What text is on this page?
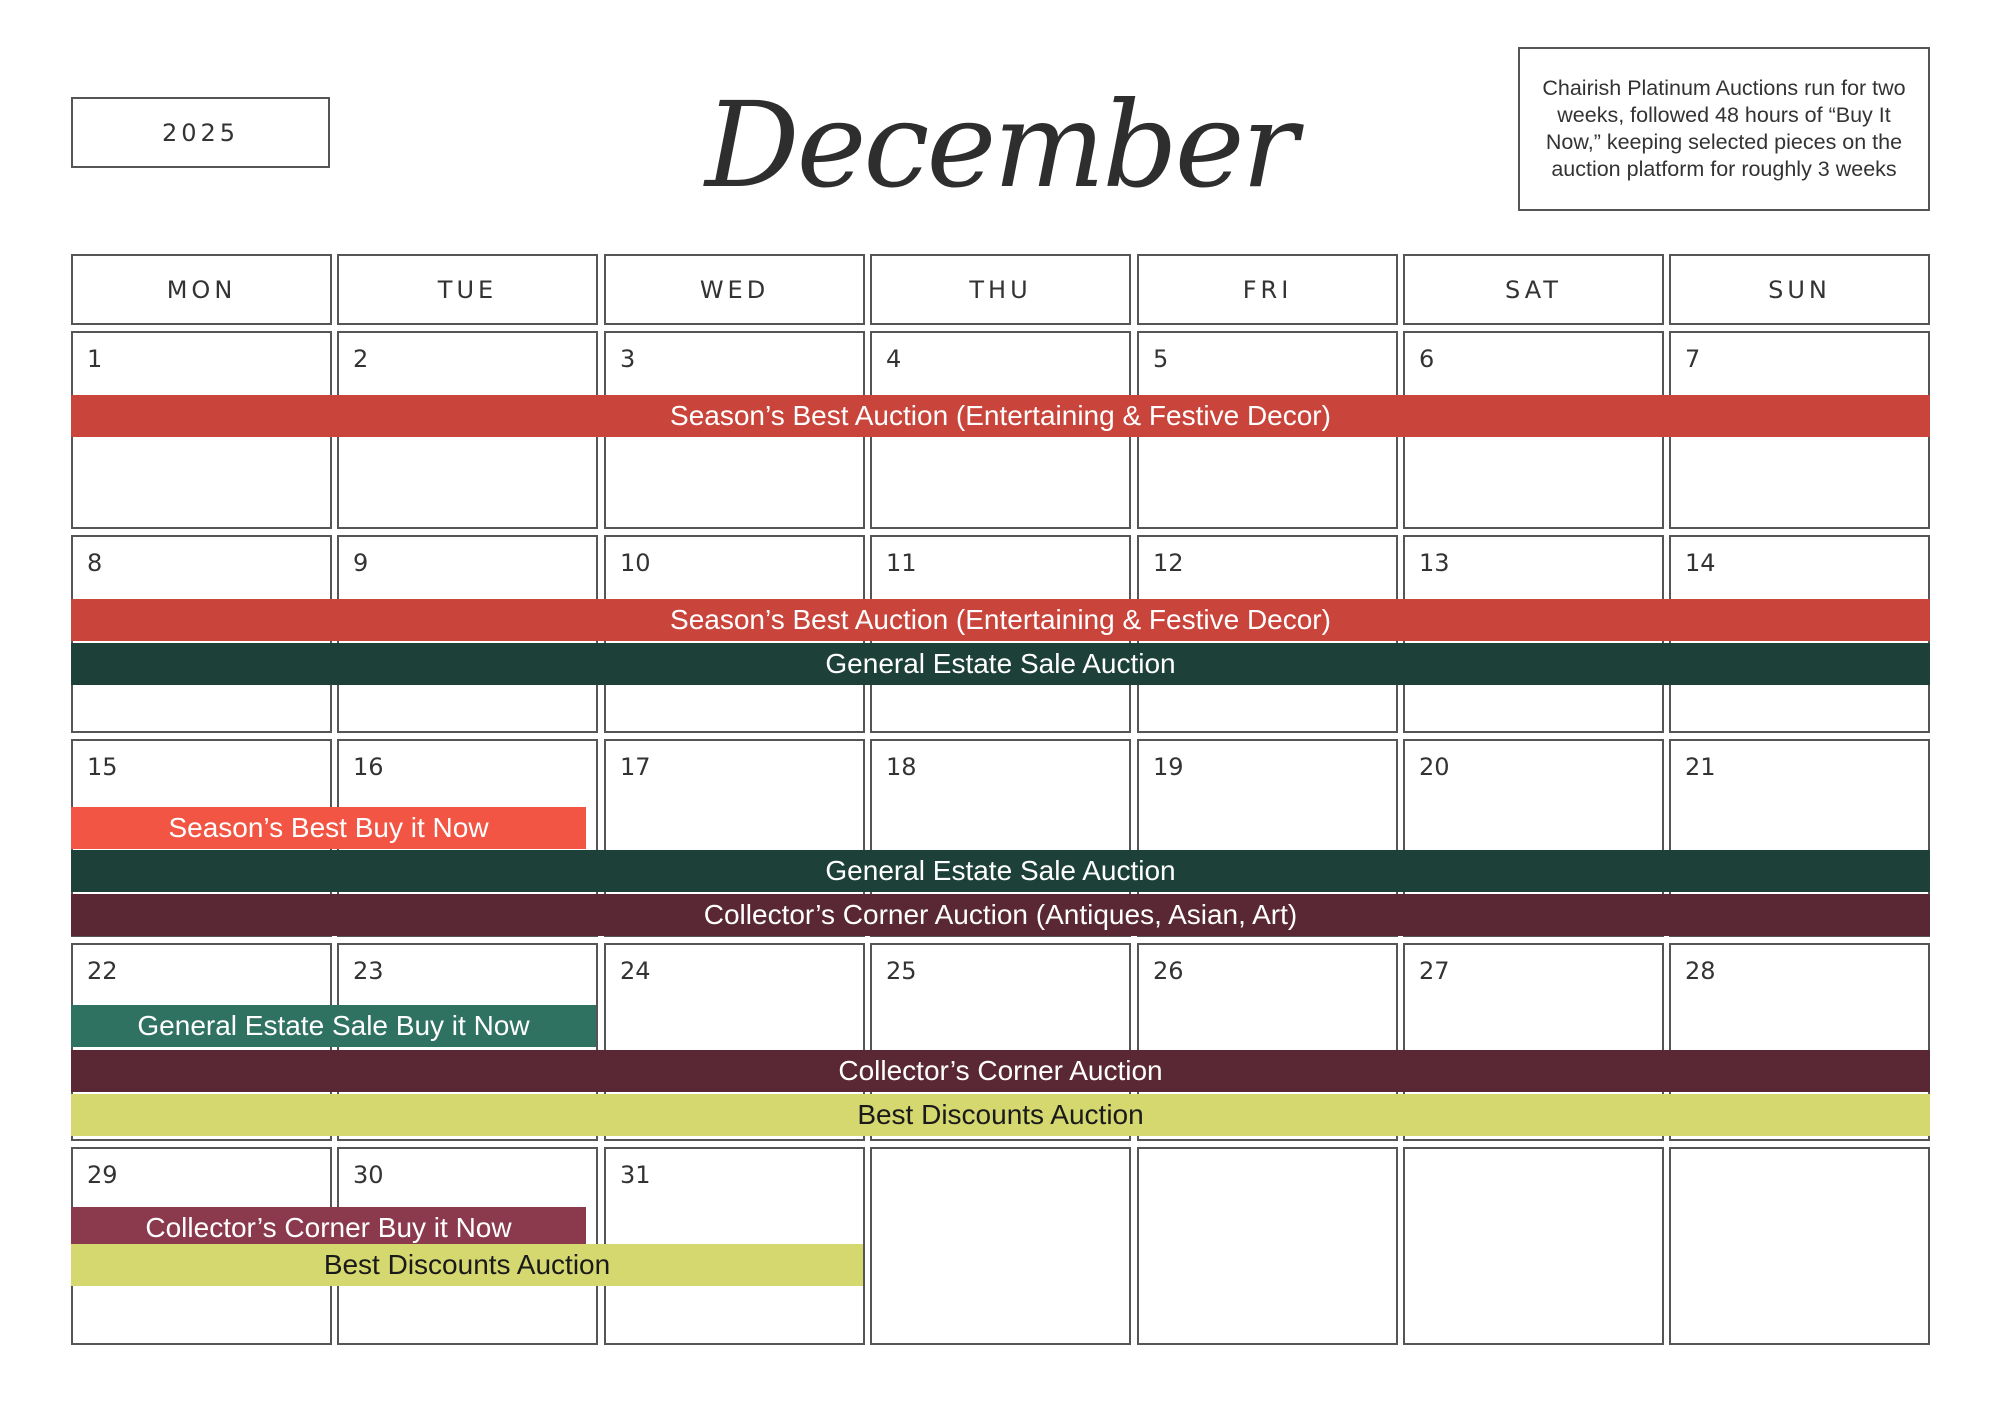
2025	December	Chairish Platinum Auctions run for two weeks, followed 48 hours of “Buy It Now,” keeping selected pieces on the auction platform for roughly 3 weeks
MON	TUE	WED	THU	FRI	SAT	SUN
1	2	3	4	5	6	7
8	9	10	11	12	13	14
15	16	17	18	19	20	21
22	23	24	25	26	27	28
29	30	31
Season’s Best Auction (Entertaining & Festive Decor)
Season’s Best Auction (Entertaining & Festive Decor)
General Estate Sale Auction
Season’s Best Buy it Now
General Estate Sale Auction
Collector’s Corner Auction (Antiques, Asian, Art)
General Estate Sale Buy it Now
Collector’s Corner Auction
Best Discounts Auction
Collector’s Corner Buy it Now
Best Discounts Auction
